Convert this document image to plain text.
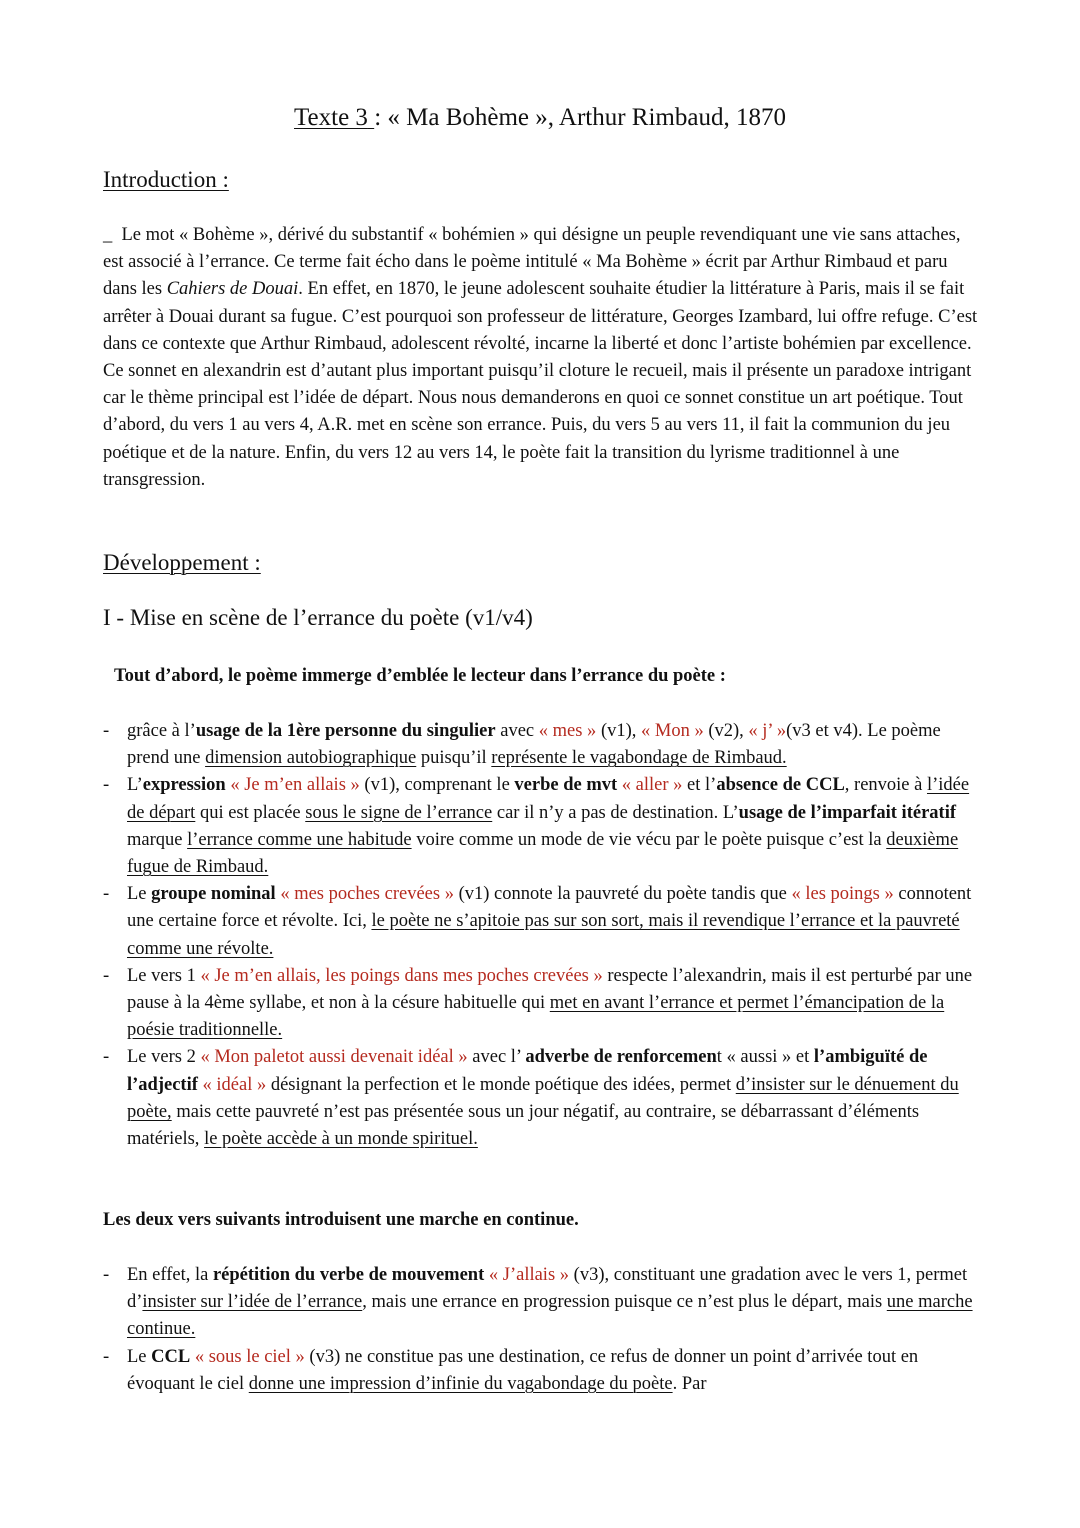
Texte 3 : « Ma Bohème », Arthur Rimbaud, 1870
Introduction :

_ Le mot « Bohème », dérivé du substantif « bohémien » qui désigne un peuple revendiquant une vie sans attaches, est associé à l’errance. Ce terme fait écho dans le poème intitulé « Ma Bohème » écrit par Arthur Rimbaud et paru dans les Cahiers de Douai. En effet, en 1870, le jeune adolescent souhaite étudier la littérature à Paris, mais il se fait arrêter à Douai durant sa fugue. C’est pourquoi son professeur de littérature, Georges Izambard, lui offre refuge. C’est dans ce contexte que Arthur Rimbaud, adolescent révolté, incarne la liberté et donc l’artiste bohémien par excellence. Ce sonnet en alexandrin est d’autant plus important puisqu’il cloture le recueil, mais il présente un paradoxe intrigant car le thème principal est l’idée de départ. Nous nous demanderons en quoi ce sonnet constitue un art poétique. Tout d’abord, du vers 1 au vers 4, A.R. met en scène son errance. Puis, du vers 5 au vers 11, il fait la communion du jeu poétique et de la nature. Enfin, du vers 12 au vers 14, le poète fait la transition du lyrisme traditionnel à une transgression.

Développement :
I - Mise en scène de l’errance du poète (v1/v4)

Tout d’abord, le poème immerge d’emblée le lecteur dans l’errance du poète :

- grâce à l’usage de la 1ère personne du singulier avec « mes » (v1), « Mon » (v2), « j’ »(v3 et v4). Le poème prend une dimension autobiographique puisqu’il représente le vagabondage de Rimbaud.
- L’expression « Je m’en allais » (v1), comprenant le verbe de mvt « aller » et l’absence de CCL, renvoie à l’idée de départ qui est placée sous le signe de l’errance car il n’y a pas de destination. L’usage de l’imparfait itératif marque l’errance comme une habitude voire comme un mode de vie vécu par le poète puisque c’est la deuxième fugue de Rimbaud.
- Le groupe nominal « mes poches crevées » (v1) connote la pauvreté du poète tandis que « les poings » connotent une certaine force et révolte. Ici, le poète ne s’apitoie pas sur son sort, mais il revendique l’errance et la pauvreté comme une révolte.
- Le vers 1 « Je m’en allais, les poings dans mes poches crevées » respecte l’alexandrin, mais il est perturbé par une pause à la 4ème syllabe, et non à la césure habituelle qui met en avant l’errance et permet l’émancipation de la poésie traditionnelle.
- Le vers 2 « Mon paletot aussi devenait idéal » avec l’ adverbe de renforcement « aussi » et l’ambiguïté de l’adjectif « idéal » désignant la perfection et le monde poétique des idées, permet d’insister sur le dénuement du poète, mais cette pauvreté n’est pas présentée sous un jour négatif, au contraire, se débarrassant d’éléments matériels, le poète accède à un monde spirituel.

Les deux vers suivants introduisent une marche en continue.

- En effet, la répétition du verbe de mouvement « J’allais » (v3), constituant une gradation avec le vers 1, permet d’insister sur l’idée de l’errance, mais une errance en progression puisque ce n’est plus le départ, mais une marche continue.
- Le CCL « sous le ciel » (v3) ne constitue pas une destination, ce refus de donner un point d’arrivée tout en évoquant le ciel donne une impression d’infinie du vagabondage du poète. Par
